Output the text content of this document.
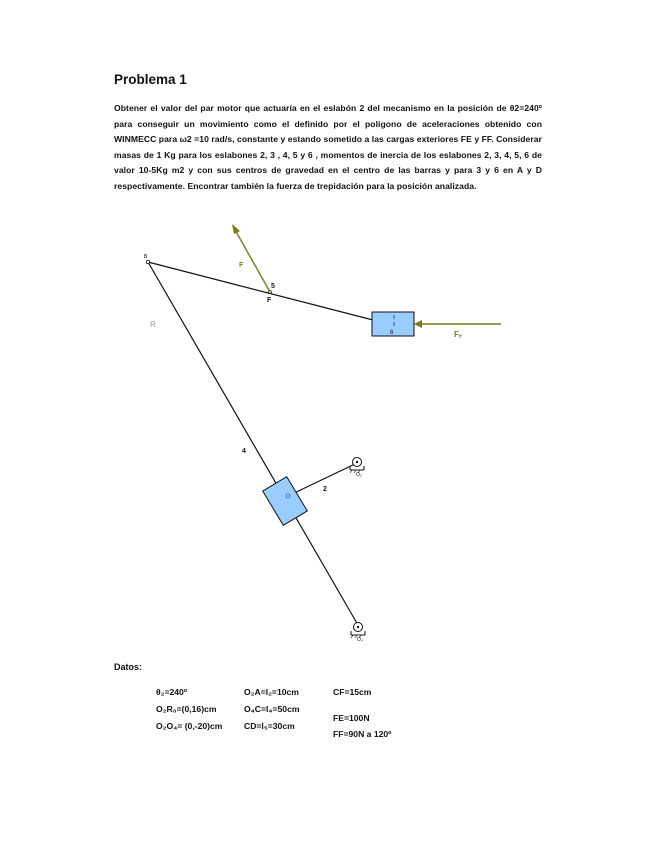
Problema 1
Obtener el valor del par motor que actuaría en el eslabón 2 del mecanismo en la posición de θ2=240º para conseguir un movimiento como el definido por el polígono de aceleraciones obtenido con WINMECC para ω2 =10 rad/s, constante y estando sometido a las cargas exteriores FE y FF. Considerar masas de 1 Kg para los eslabones 2, 3 , 4, 5 y 6 , momentos de inercia de los eslabones 2, 3, 4, 5, 6 de valor 10-5Kg m2 y con sus centros de gravedad en el centro de las barras y para 3 y 6 en A y D respectivamente. Encontrar también la fuerza de trepidación para la posición analizada.
B
F
5
F
6	Fₑ
R
4
2
O₂
O₄
Datos:
θ₂=240º
O₂R₀=(0,16)cm
O₂O₄= (0,-20)cm
O₂A=l₂=10cm
O₄C=l₄=50cm
CD=l₅=30cm
CF=15cm
FE=100N
FF=90N a 120º
